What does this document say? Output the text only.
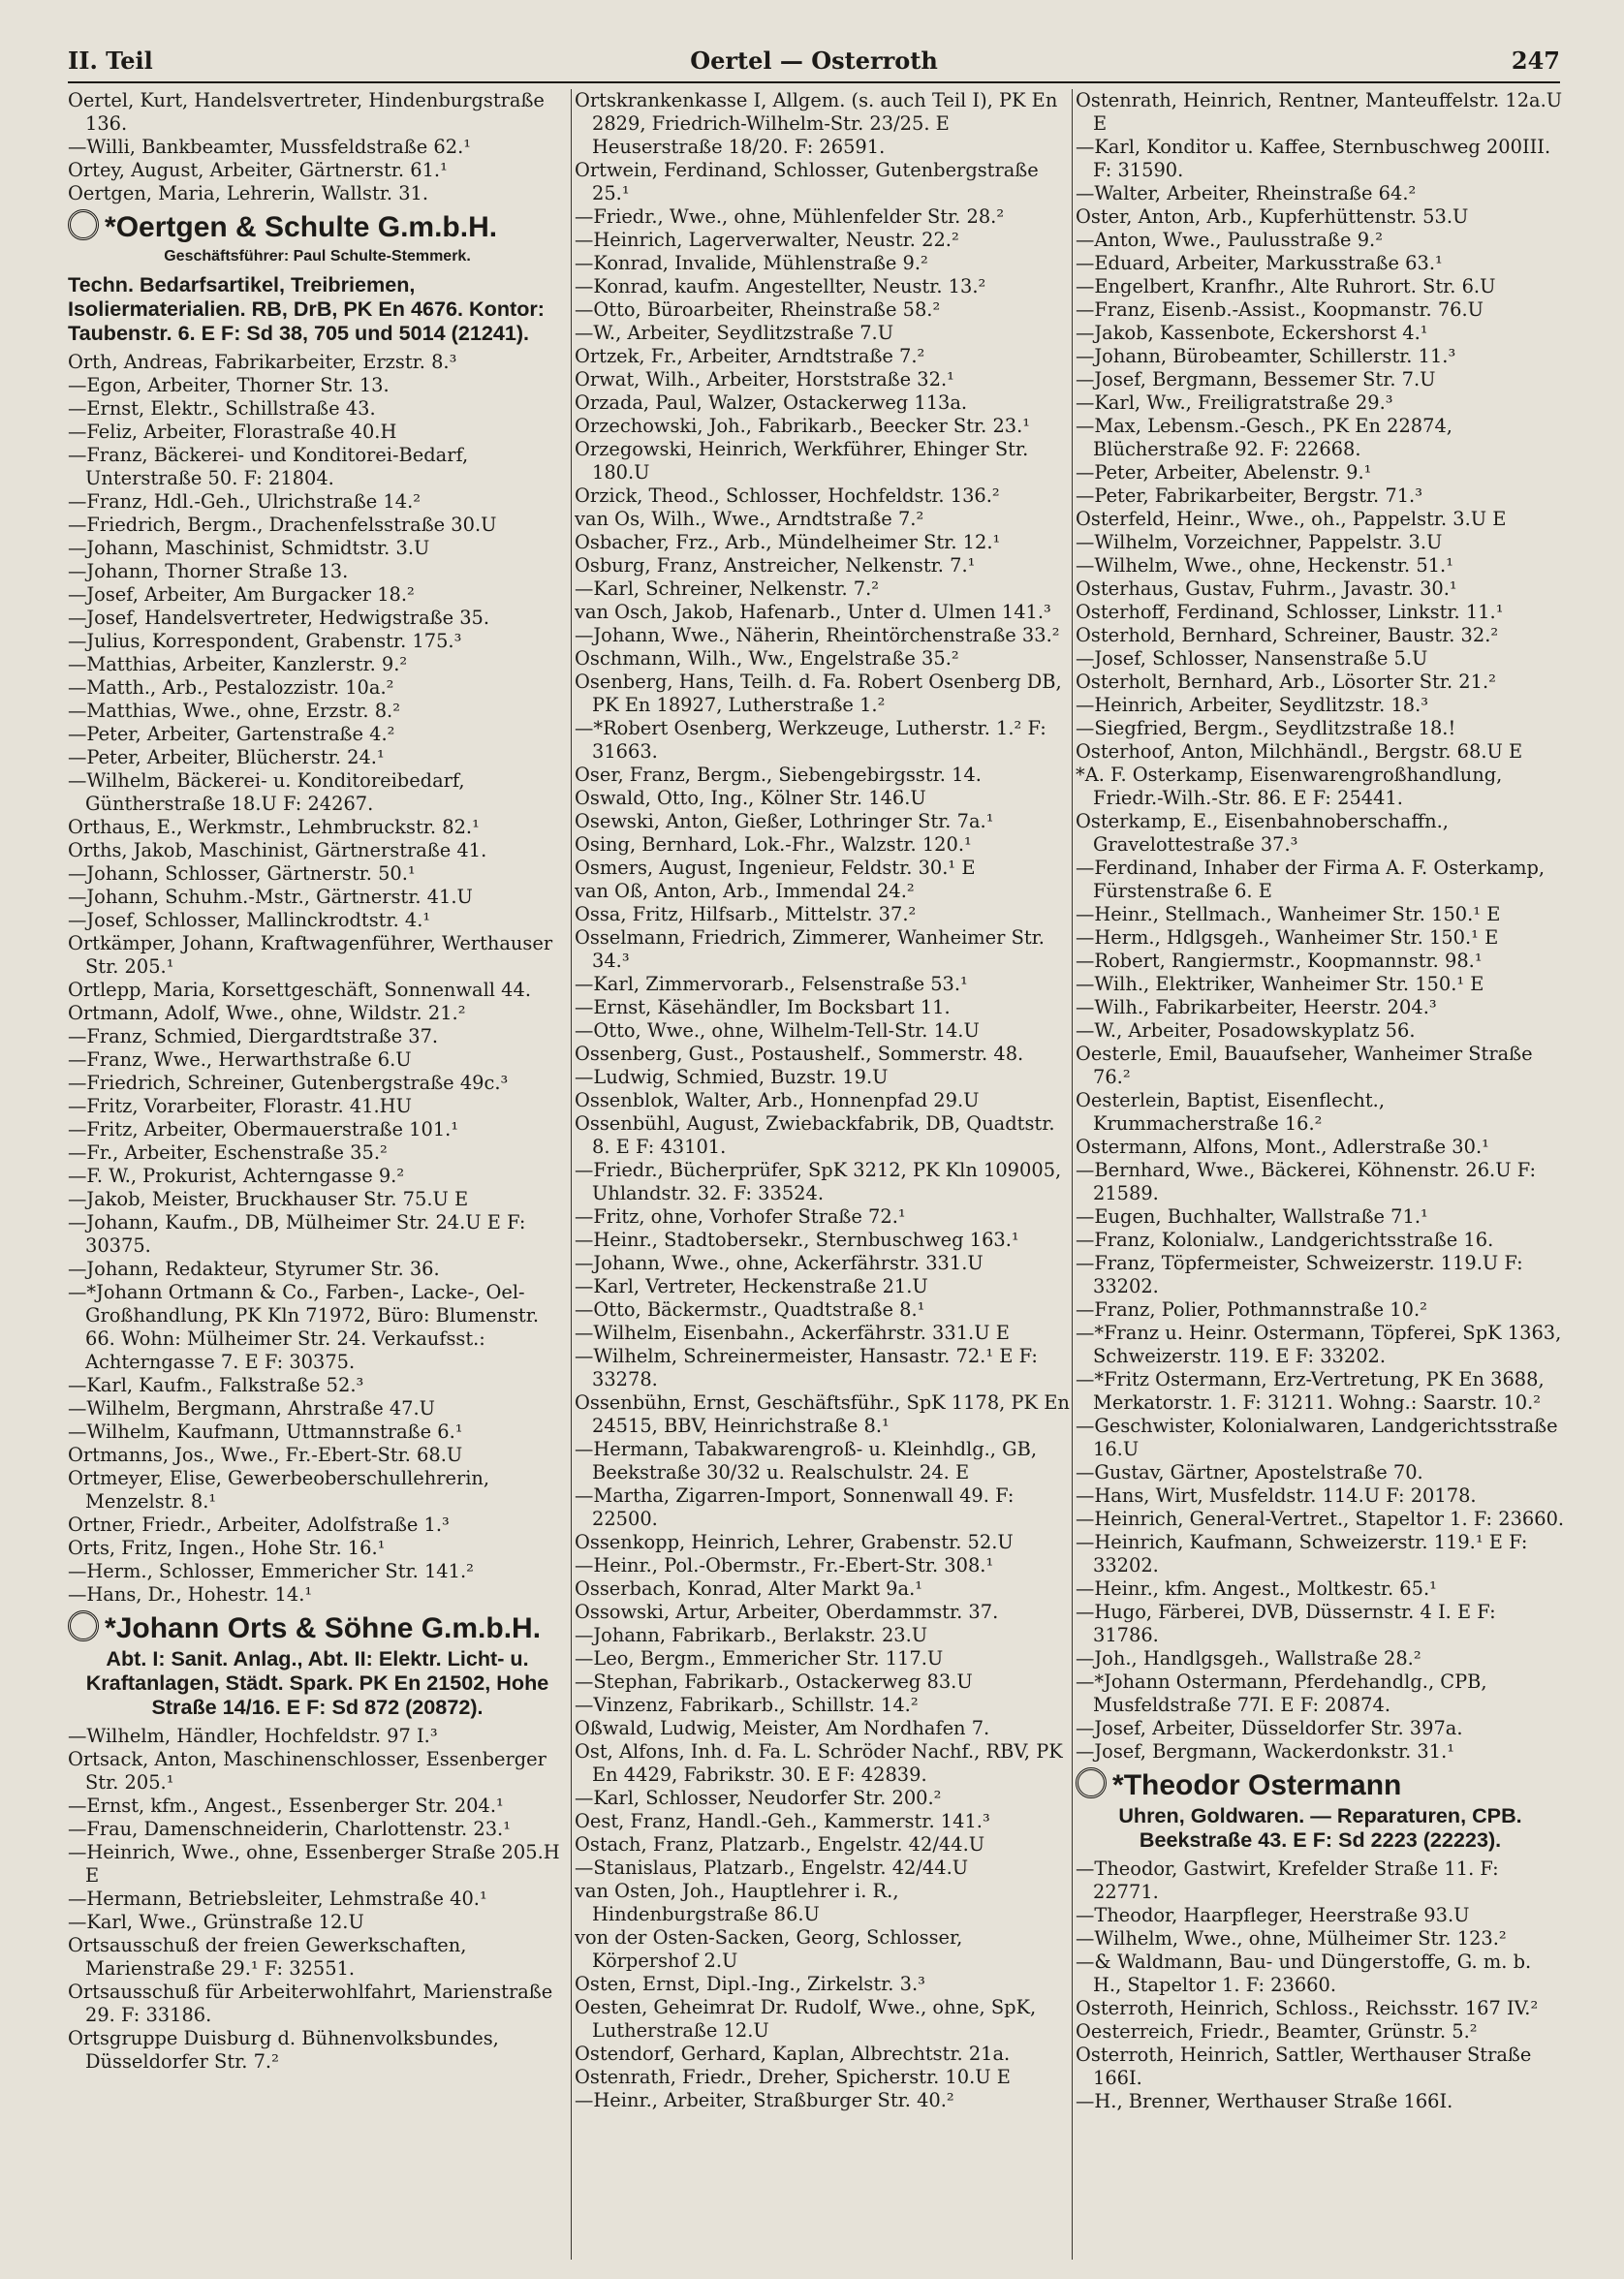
II. Teil	Oertel — Osterroth	247
Oertel, Kurt, Handelsvertreter, Hindenburgstraße 136.
—Willi, Bankbeamter, Mussfeldstraße 62.¹
Ortey, August, Arbeiter, Gärtnerstr. 61.¹
Oertgen, Maria, Lehrerin, Wallstr. 31.
*Oertgen & Schulte G.m.b.H.
Geschäftsführer: Paul Schulte-Stemmerk.
Techn. Bedarfsartikel, Treibriemen, Isoliermaterialien. RB, DrB, PK En 4676. Kontor: Taubenstr. 6. E F: Sd 38, 705 und 5014 (21241).
Orth, Andreas, Fabrikarbeiter, Erzstr. 8.³
—Egon, Arbeiter, Thorner Str. 13.
—Ernst, Elektr., Schillstraße 43.
—Feliz, Arbeiter, Florastraße 40.H
—Franz, Bäckerei- und Konditorei-Bedarf, Unterstraße 50. F: 21804.
—Franz, Hdl.-Geh., Ulrichstraße 14.²
—Friedrich, Bergm., Drachenfelsstraße 30.U
—Johann, Maschinist, Schmidtstr. 3.U
—Johann, Thorner Straße 13.
—Josef, Arbeiter, Am Burgacker 18.²
—Josef, Handelsvertreter, Hedwigstraße 35.
—Julius, Korrespondent, Grabenstr. 175.³
—Matthias, Arbeiter, Kanzlerstr. 9.²
—Matth., Arb., Pestalozzistr. 10a.²
—Matthias, Wwe., ohne, Erzstr. 8.²
—Peter, Arbeiter, Gartenstraße 4.²
—Peter, Arbeiter, Blücherstr. 24.¹
—Wilhelm, Bäckerei- u. Konditoreibedarf, Güntherstraße 18.U F: 24267.
Orthaus, E., Werkmstr., Lehmbruckstr. 82.¹
Orths, Jakob, Maschinist, Gärtnerstraße 41.
—Johann, Schlosser, Gärtnerstr. 50.¹
—Johann, Schuhm.-Mstr., Gärtnerstr. 41.U
—Josef, Schlosser, Mallinckrodtstr. 4.¹
Ortkämper, Johann, Kraftwagenführer, Werthauser Str. 205.¹
Ortlepp, Maria, Korsettgeschäft, Sonnenwall 44.
Ortmann, Adolf, Wwe., ohne, Wildstr. 21.²
—Franz, Schmied, Diergardtstraße 37.
—Franz, Wwe., Herwarthstraße 6.U
—Friedrich, Schreiner, Gutenbergstraße 49c.³
—Fritz, Vorarbeiter, Florastr. 41.HU
—Fritz, Arbeiter, Obermauerstraße 101.¹
—Fr., Arbeiter, Eschenstraße 35.²
—F. W., Prokurist, Achterngasse 9.²
—Jakob, Meister, Bruckhauser Str. 75.U E
—Johann, Kaufm., DB, Mülheimer Str. 24.U E F: 30375.
—Johann, Redakteur, Styrumer Str. 36.
—*Johann Ortmann & Co., Farben-, Lacke-, Oel-Großhandlung, PK Kln 71972, Büro: Blumenstr. 66. Wohn: Mülheimer Str. 24. Verkaufsst.: Achterngasse 7. E F: 30375.
—Karl, Kaufm., Falkstraße 52.³
—Wilhelm, Bergmann, Ahrstraße 47.U
—Wilhelm, Kaufmann, Uttmannstraße 6.¹
Ortmanns, Jos., Wwe., Fr.-Ebert-Str. 68.U
Ortmeyer, Elise, Gewerbeoberschullehrerin, Menzelstr. 8.¹
Ortner, Friedr., Arbeiter, Adolfstraße 1.³
Orts, Fritz, Ingen., Hohe Str. 16.¹
—Herm., Schlosser, Emmericher Str. 141.²
—Hans, Dr., Hohestr. 14.¹
*Johann Orts & Söhne G.m.b.H.
Abt. I: Sanit. Anlag., Abt. II: Elektr. Licht- u. Kraftanlagen, Städt. Spark. PK En 21502, Hohe Straße 14/16. E F: Sd 872 (20872).
—Wilhelm, Händler, Hochfeldstr. 97 I.³
Ortsack, Anton, Maschinenschlosser, Essenberger Str. 205.¹
—Ernst, kfm., Angest., Essenberger Str. 204.¹
—Frau, Damenschneiderin, Charlottenstr. 23.¹
—Heinrich, Wwe., ohne, Essenberger Straße 205.H E
—Hermann, Betriebsleiter, Lehmstraße 40.¹
—Karl, Wwe., Grünstraße 12.U
Ortsausschuß der freien Gewerkschaften, Marienstraße 29.¹ F: 32551.
Ortsausschuß für Arbeiterwohlfahrt, Marienstraße 29. F: 33186.
Ortsgruppe Duisburg d. Bühnenvolksbundes, Düsseldorfer Str. 7.²
Ortskrankenkasse I, Allgem. (s. auch Teil I), PK En 2829, Friedrich-Wilhelm-Str. 23/25. E Heuserstraße 18/20. F: 26591.
Ortwein, Ferdinand, Schlosser, Gutenbergstraße 25.¹
—Friedr., Wwe., ohne, Mühlenfelder Str. 28.²
—Heinrich, Lagerverwalter, Neustr. 22.²
—Konrad, Invalide, Mühlenstraße 9.²
—Konrad, kaufm. Angestellter, Neustr. 13.²
—Otto, Büroarbeiter, Rheinstraße 58.²
—W., Arbeiter, Seydlitzstraße 7.U
Ortzek, Fr., Arbeiter, Arndtstraße 7.²
Orwat, Wilh., Arbeiter, Horststraße 32.¹
Orzada, Paul, Walzer, Ostackerweg 113a.
Orzechowski, Joh., Fabrikarb., Beecker Str. 23.¹
Orzegowski, Heinrich, Werkführer, Ehinger Str. 180.U
Orzick, Theod., Schlosser, Hochfeldstr. 136.²
van Os, Wilh., Wwe., Arndtstraße 7.²
Osbacher, Frz., Arb., Mündelheimer Str. 12.¹
Osburg, Franz, Anstreicher, Nelkenstr. 7.¹
—Karl, Schreiner, Nelkenstr. 7.²
van Osch, Jakob, Hafenarb., Unter d. Ulmen 141.³
—Johann, Wwe., Näherin, Rheintörchenstraße 33.²
Oschmann, Wilh., Ww., Engelstraße 35.²
Osenberg, Hans, Teilh. d. Fa. Robert Osenberg DB, PK En 18927, Lutherstraße 1.²
—*Robert Osenberg, Werkzeuge, Lutherstr. 1.² F: 31663.
Oser, Franz, Bergm., Siebengebirgsstr. 14.
Oswald, Otto, Ing., Kölner Str. 146.U
Osewski, Anton, Gießer, Lothringer Str. 7a.¹
Osing, Bernhard, Lok.-Fhr., Walzstr. 120.¹
Osmers, August, Ingenieur, Feldstr. 30.¹ E
van Oß, Anton, Arb., Immendal 24.²
Ossa, Fritz, Hilfsarb., Mittelstr. 37.²
Osselmann, Friedrich, Zimmerer, Wanheimer Str. 34.³
—Karl, Zimmervorarb., Felsenstraße 53.¹
—Ernst, Käsehändler, Im Bocksbart 11.
—Otto, Wwe., ohne, Wilhelm-Tell-Str. 14.U
Ossenberg, Gust., Postaushelf., Sommerstr. 48.
—Ludwig, Schmied, Buzstr. 19.U
Ossenblok, Walter, Arb., Honnenpfad 29.U
Ossenbühl, August, Zwiebackfabrik, DB, Quadtstr. 8. E F: 43101.
—Friedr., Bücherprüfer, SpK 3212, PK Kln 109005, Uhlandstr. 32. F: 33524.
—Fritz, ohne, Vorhofer Straße 72.¹
—Heinr., Stadtobersekr., Sternbuschweg 163.¹
—Johann, Wwe., ohne, Ackerfährstr. 331.U
—Karl, Vertreter, Heckenstraße 21.U
—Otto, Bäckermstr., Quadtstraße 8.¹
—Wilhelm, Eisenbahn., Ackerfährstr. 331.U E
—Wilhelm, Schreinermeister, Hansastr. 72.¹ E F: 33278.
Ossenbühn, Ernst, Geschäftsführ., SpK 1178, PK En 24515, BBV, Heinrichstraße 8.¹
—Hermann, Tabakwarengroß- u. Kleinhdlg., GB, Beekstraße 30/32 u. Realschulstr. 24. E
—Martha, Zigarren-Import, Sonnenwall 49. F: 22500.
Ossenkopp, Heinrich, Lehrer, Grabenstr. 52.U
—Heinr., Pol.-Obermstr., Fr.-Ebert-Str. 308.¹
Osserbach, Konrad, Alter Markt 9a.¹
Ossowski, Artur, Arbeiter, Oberdammstr. 37.
—Johann, Fabrikarb., Berlakstr. 23.U
—Leo, Bergm., Emmericher Str. 117.U
—Stephan, Fabrikarb., Ostackerweg 83.U
—Vinzenz, Fabrikarb., Schillstr. 14.²
Oßwald, Ludwig, Meister, Am Nordhafen 7.
Ost, Alfons, Inh. d. Fa. L. Schröder Nachf., RBV, PK En 4429, Fabrikstr. 30. E F: 42839.
—Karl, Schlosser, Neudorfer Str. 200.²
Oest, Franz, Handl.-Geh., Kammerstr. 141.³
Ostach, Franz, Platzarb., Engelstr. 42/44.U
—Stanislaus, Platzarb., Engelstr. 42/44.U
van Osten, Joh., Hauptlehrer i. R., Hindenburgstraße 86.U
von der Osten-Sacken, Georg, Schlosser, Körpershof 2.U
Osten, Ernst, Dipl.-Ing., Zirkelstr. 3.³
Oesten, Geheimrat Dr. Rudolf, Wwe., ohne, SpK, Lutherstraße 12.U
Ostendorf, Gerhard, Kaplan, Albrechtstr. 21a.
Ostenrath, Friedr., Dreher, Spicherstr. 10.U E
—Heinr., Arbeiter, Straßburger Str. 40.²
Ostenrath, Heinrich, Rentner, Manteuffelstr. 12a.U E
—Karl, Konditor u. Kaffee, Sternbuschweg 200III. F: 31590.
—Walter, Arbeiter, Rheinstraße 64.²
Oster, Anton, Arb., Kupferhüttenstr. 53.U
—Anton, Wwe., Paulusstraße 9.²
—Eduard, Arbeiter, Markusstraße 63.¹
—Engelbert, Kranfhr., Alte Ruhrort. Str. 6.U
—Franz, Eisenb.-Assist., Koopmanstr. 76.U
—Jakob, Kassenbote, Eckershorst 4.¹
—Johann, Bürobeamter, Schillerstr. 11.³
—Josef, Bergmann, Bessemer Str. 7.U
—Karl, Ww., Freiligratstraße 29.³
—Max, Lebensm.-Gesch., PK En 22874, Blücherstraße 92. F: 22668.
—Peter, Arbeiter, Abelenstr. 9.¹
—Peter, Fabrikarbeiter, Bergstr. 71.³
Osterfeld, Heinr., Wwe., oh., Pappelstr. 3.U E
—Wilhelm, Vorzeichner, Pappelstr. 3.U
—Wilhelm, Wwe., ohne, Heckenstr. 51.¹
Osterhaus, Gustav, Fuhrm., Javastr. 30.¹
Osterhoff, Ferdinand, Schlosser, Linkstr. 11.¹
Osterhold, Bernhard, Schreiner, Baustr. 32.²
—Josef, Schlosser, Nansenstraße 5.U
Osterholt, Bernhard, Arb., Lösorter Str. 21.²
—Heinrich, Arbeiter, Seydlitzstr. 18.³
—Siegfried, Bergm., Seydlitzstraße 18.!
Osterhoof, Anton, Milchhändl., Bergstr. 68.U E
*A. F. Osterkamp, Eisenwarengroßhandlung, Friedr.-Wilh.-Str. 86. E F: 25441.
Osterkamp, E., Eisenbahnoberschaffn., Gravelottestraße 37.³
—Ferdinand, Inhaber der Firma A. F. Osterkamp, Fürstenstraße 6. E
—Heinr., Stellmach., Wanheimer Str. 150.¹ E
—Herm., Hdlgsgeh., Wanheimer Str. 150.¹ E
—Robert, Rangiermstr., Koopmannstr. 98.¹
—Wilh., Elektriker, Wanheimer Str. 150.¹ E
—Wilh., Fabrikarbeiter, Heerstr. 204.³
—W., Arbeiter, Posadowskyplatz 56.
Oesterle, Emil, Bauaufseher, Wanheimer Straße 76.²
Oesterlein, Baptist, Eisenflecht., Krummacherstraße 16.²
Ostermann, Alfons, Mont., Adlerstraße 30.¹
—Bernhard, Wwe., Bäckerei, Köhnenstr. 26.U F: 21589.
—Eugen, Buchhalter, Wallstraße 71.¹
—Franz, Kolonialw., Landgerichtsstraße 16.
—Franz, Töpfermeister, Schweizerstr. 119.U F: 33202.
—Franz, Polier, Pothmannstraße 10.²
—*Franz u. Heinr. Ostermann, Töpferei, SpK 1363, Schweizerstr. 119. E F: 33202.
—*Fritz Ostermann, Erz-Vertretung, PK En 3688, Merkatorstr. 1. F: 31211. Wohng.: Saarstr. 10.²
—Geschwister, Kolonialwaren, Landgerichtsstraße 16.U
—Gustav, Gärtner, Apostelstraße 70.
—Hans, Wirt, Musfeldstr. 114.U F: 20178.
—Heinrich, General-Vertret., Stapeltor 1. F: 23660.
—Heinrich, Kaufmann, Schweizerstr. 119.¹ E F: 33202.
—Heinr., kfm. Angest., Moltkestr. 65.¹
—Hugo, Färberei, DVB, Düssernstr. 4 I. E F: 31786.
—Joh., Handlgsgeh., Wallstraße 28.²
—*Johann Ostermann, Pferdehandlg., CPB, Musfeldstraße 77I. E F: 20874.
—Josef, Arbeiter, Düsseldorfer Str. 397a.
—Josef, Bergmann, Wackerdonkstr. 31.¹
*Theodor Ostermann
Uhren, Goldwaren. — Reparaturen, CPB. Beekstraße 43. E F: Sd 2223 (22223).
—Theodor, Gastwirt, Krefelder Straße 11. F: 22771.
—Theodor, Haarpfleger, Heerstraße 93.U
—Wilhelm, Wwe., ohne, Mülheimer Str. 123.²
—& Waldmann, Bau- und Düngerstoffe, G. m. b. H., Stapeltor 1. F: 23660.
Osterroth, Heinrich, Schloss., Reichsstr. 167 IV.²
Oesterreich, Friedr., Beamter, Grünstr. 5.²
Osterroth, Heinrich, Sattler, Werthauser Straße 166I.
—H., Brenner, Werthauser Straße 166I.
